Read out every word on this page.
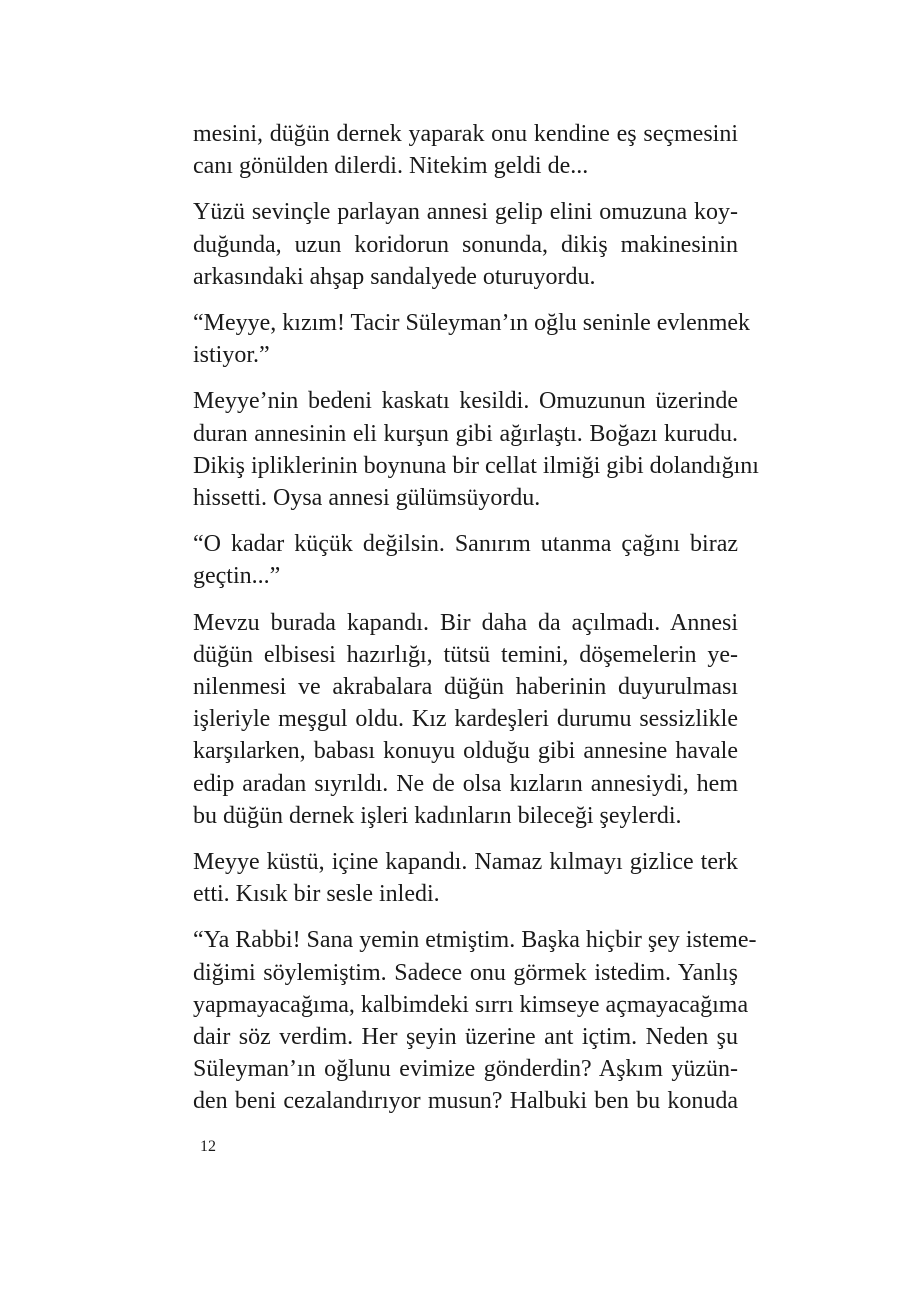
mesini, düğün dernek yaparak onu kendine eş seçmesini
canı gönülden dilerdi. Nitekim geldi de...

Yüzü sevinçle parlayan annesi gelip elini omuzuna koy-
duğunda, uzun koridorun sonunda, dikiş makinesinin
arkasındaki ahşap sandalyede oturuyordu.

“Meyye, kızım! Tacir Süleyman’ın oğlu seninle evlenmek
istiyor.”

Meyye’nin bedeni kaskatı kesildi. Omuzunun üzerinde
duran annesinin eli kurşun gibi ağırlaştı. Boğazı kurudu.
Dikiş ipliklerinin boynuna bir cellat ilmiği gibi dolandığını
hissetti. Oysa annesi gülümsüyordu.

“O kadar küçük değilsin. Sanırım utanma çağını biraz
geçtin...”

Mevzu burada kapandı. Bir daha da açılmadı. Annesi
düğün elbisesi hazırlığı, tütsü temini, döşemelerin ye-
nilenmesi ve akrabalara düğün haberinin duyurulması
işleriyle meşgul oldu. Kız kardeşleri durumu sessizlikle
karşılarken, babası konuyu olduğu gibi annesine havale
edip aradan sıyrıldı. Ne de olsa kızların annesiydi, hem
bu düğün dernek işleri kadınların bileceği şeylerdi.

Meyye küstü, içine kapandı. Namaz kılmayı gizlice terk
etti. Kısık bir sesle inledi.

“Ya Rabbi! Sana yemin etmiştim. Başka hiçbir şey isteme-
diğimi söylemiştim. Sadece onu görmek istedim. Yanlış
yapmayacağıma, kalbimdeki sırrı kimseye açmayacağıma
dair söz verdim. Her şeyin üzerine ant içtim. Neden şu
Süleyman’ın oğlunu evimize gönderdin? Aşkım yüzün-
den beni cezalandırıyor musun? Halbuki ben bu konuda

12
